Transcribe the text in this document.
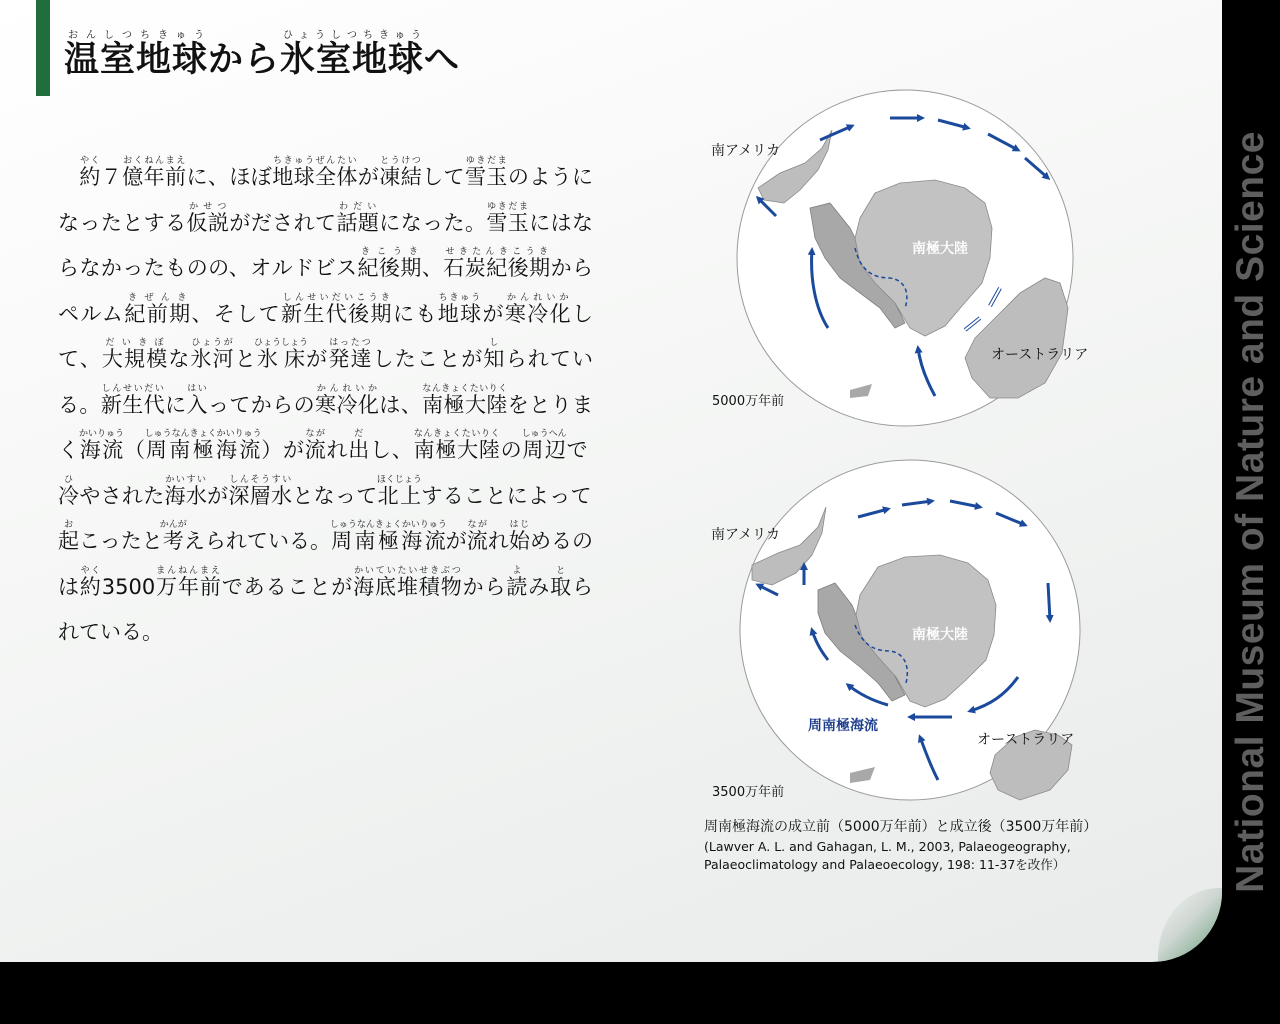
温室地球おんしつちきゅうから氷室地球ひょうしつちきゅうへ

　約やく７億年前おくねんまえに、ほぼ地球全体ちきゅうぜんたいが凍結とうけつして雪玉ゆきだまのようになったとする仮説かせつがだされて話題わだいになった。雪玉ゆきだまにはならなかったものの、オルドビス紀後期きこうき、石炭紀後期せきたんきこうきからペルム紀前期きぜんき、そして新生代後期しんせいだいこうきにも地球ちきゅうが寒冷化かんれいかして、大規模だいきぼな氷河ひょうがと氷床ひょうしょうが発達はったつしたことが知しられている。新生代しんせいだいに入はいってからの寒冷化かんれいかは、南極大陸なんきょくたいりくをとりまく海流かいりゅう（周南極海流しゅうなんきょくかいりゅう）が流ながれ出だし、南極大陸なんきょくたいりくの周辺しゅうへんで冷ひやされた海水かいすいが深層水しんそうすいとなって北上ほくじょうすることによって起おこったと考かんがえられている。周南極海流しゅうなんきょくかいりゅうが流ながれ始はじめるのは約やく3500万年前まんねんまえであることが海底堆積物かいていたいせきぶつから読よみ取とられている。

南アメリカ
南極大陸
オーストラリア
5000万年前
南アメリカ
南極大陸
周南極海流
オーストラリア
3500万年前

周南極海流の成立前（5000万年前）と成立後（3500万年前）

(Lawver A. L. and Gahagan, L. M., 2003, Palaeogeography,

Palaeoclimatology and Palaeoecology, 198: 11-37を改作）	National Museum of Nature and Science
